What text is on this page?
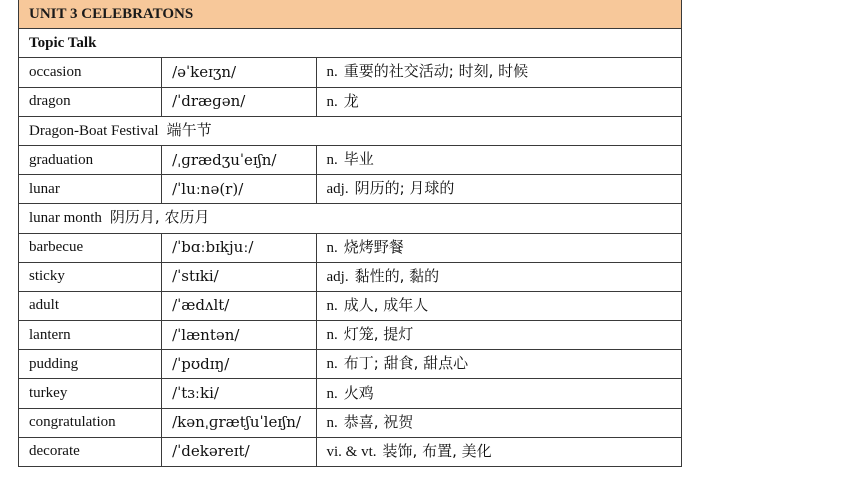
UNIT 3 CELEBRATONS		
Topic Talk		
occasion	/əˈkeɪʒn/	n. 重要的社交活动; 时刻, 时候
dragon	/ˈdræɡən/	n. 龙
Dragon-Boat Festival 端午节		
graduation	/ˌɡrædʒuˈeɪʃn/	n. 毕业
lunar	/ˈluːnə(r)/	adj. 阴历的; 月球的
lunar month 阴历月, 农历月		
barbecue	/ˈbɑːbɪkjuː/	n. 烧烤野餐
sticky	/ˈstɪki/	adj. 黏性的, 黏的
adult	/ˈædʌlt/	n. 成人, 成年人
lantern	/ˈlæntən/	n. 灯笼, 提灯
pudding	/ˈpʊdɪŋ/	n. 布丁; 甜食, 甜点心
turkey	/ˈtɜːki/	n. 火鸡
congratulation	/kənˌɡrætʃuˈleɪʃn/	n. 恭喜, 祝贺
decorate	/ˈdekəreɪt/	vi. & vt. 装饰, 布置, 美化
